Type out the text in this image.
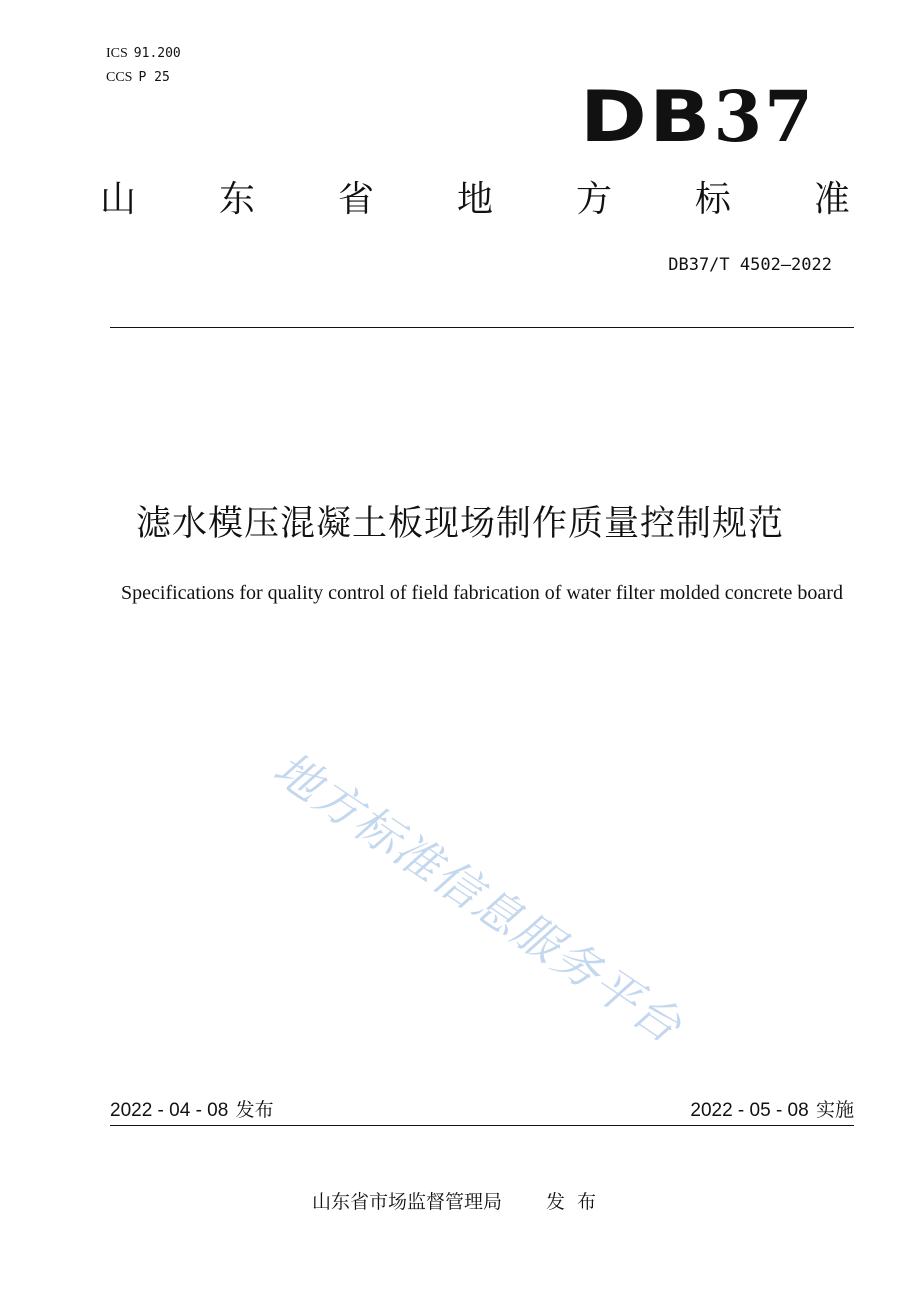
ICS 91.200
CCS P 25	DB37
山 东 省 地 方 标 准
DB37/T 4502—2022
滤水模压混凝土板现场制作质量控制规范
Specifications for quality control of field fabrication of water filter molded concrete board
地方标准信息服务平台
2022 - 04 - 08 发布	2022 - 05 - 08 实施
山东省市场监督管理局 发布
